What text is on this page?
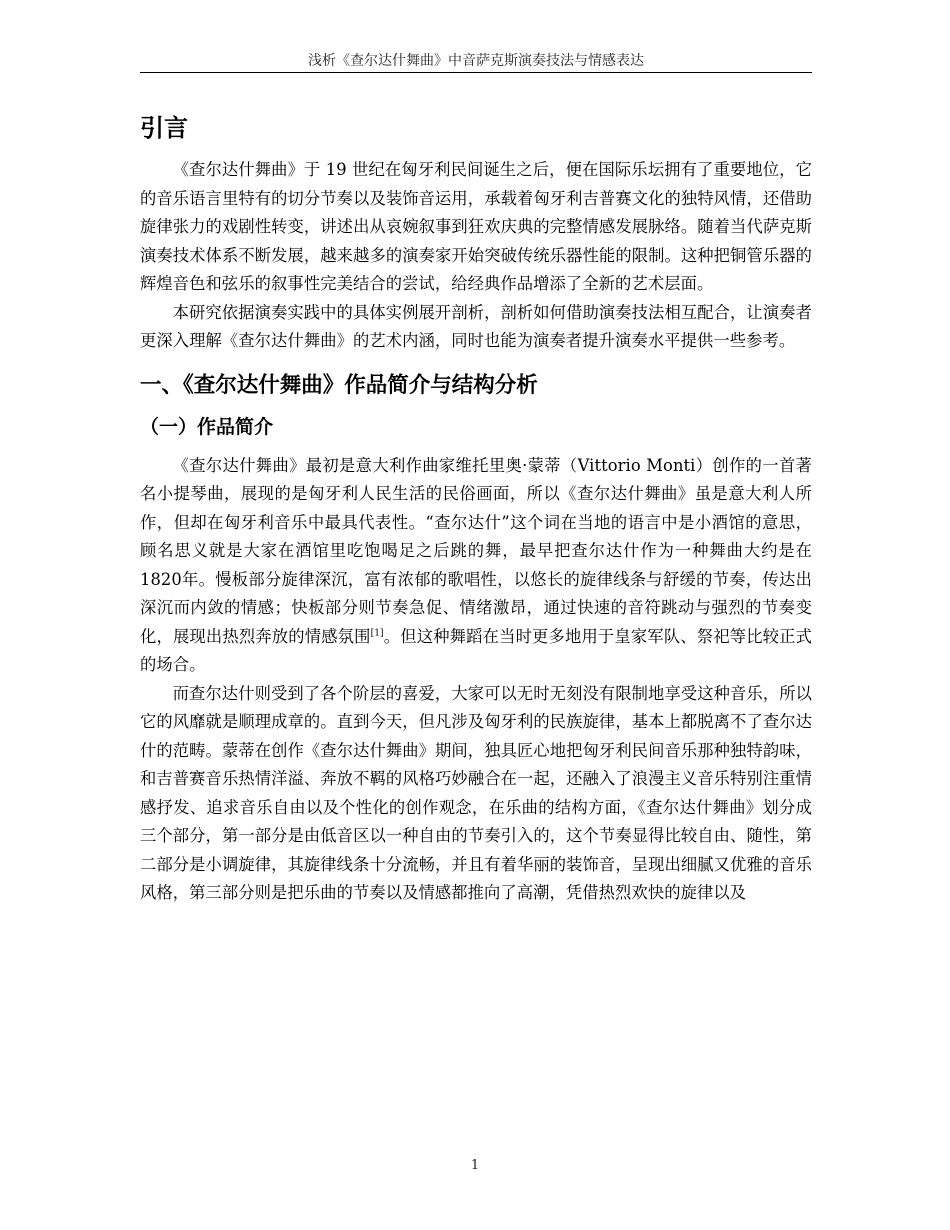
浅析《查尔达什舞曲》中音萨克斯演奏技法与情感表达
引言

《查尔达什舞曲》于 19 世纪在匈牙利民间诞生之后，便在国际乐坛拥有了重要地位，它的音乐语言里特有的切分节奏以及装饰音运用，承载着匈牙利吉普赛文化的独特风情，还借助旋律张力的戏剧性转变，讲述出从哀婉叙事到狂欢庆典的完整情感发展脉络。随着当代萨克斯演奏技术体系不断发展，越来越多的演奏家开始突破传统乐器性能的限制。这种把铜管乐器的辉煌音色和弦乐的叙事性完美结合的尝试，给经典作品增添了全新的艺术层面。

本研究依据演奏实践中的具体实例展开剖析，剖析如何借助演奏技法相互配合，让演奏者更深入理解《查尔达什舞曲》的艺术内涵，同时也能为演奏者提升演奏水平提供一些参考。

一、《查尔达什舞曲》作品简介与结构分析
（一）作品简介

《查尔达什舞曲》最初是意大利作曲家维托里奥·蒙蒂（Vittorio Monti）创作的一首著名小提琴曲，展现的是匈牙利人民生活的民俗画面，所以《查尔达什舞曲》虽是意大利人所作，但却在匈牙利音乐中最具代表性。“查尔达什”这个词在当地的语言中是小酒馆的意思，顾名思义就是大家在酒馆里吃饱喝足之后跳的舞，最早把查尔达什作为一种舞曲大约是在1820年。慢板部分旋律深沉，富有浓郁的歌唱性，以悠长的旋律线条与舒缓的节奏，传达出深沉而内敛的情感；快板部分则节奏急促、情绪激昂，通过快速的音符跳动与强烈的节奏变化，展现出热烈奔放的情感氛围[1]。但这种舞蹈在当时更多地用于皇家军队、祭祀等比较正式的场合。

而查尔达什则受到了各个阶层的喜爱，大家可以无时无刻没有限制地享受这种音乐，所以它的风靡就是顺理成章的。直到今天，但凡涉及匈牙利的民族旋律，基本上都脱离不了查尔达什的范畴。蒙蒂在创作《查尔达什舞曲》期间，独具匠心地把匈牙利民间音乐那种独特韵味，和吉普赛音乐热情洋溢、奔放不羁的风格巧妙融合在一起，还融入了浪漫主义音乐特别注重情感抒发、追求音乐自由以及个性化的创作观念，在乐曲的结构方面，《查尔达什舞曲》划分成三个部分，第一部分是由低音区以一种自由的节奏引入的，这个节奏显得比较自由、随性，第二部分是小调旋律，其旋律线条十分流畅，并且有着华丽的装饰音，呈现出细腻又优雅的音乐风格，第三部分则是把乐曲的节奏以及情感都推向了高潮，凭借热烈欢快的旋律以及

1
